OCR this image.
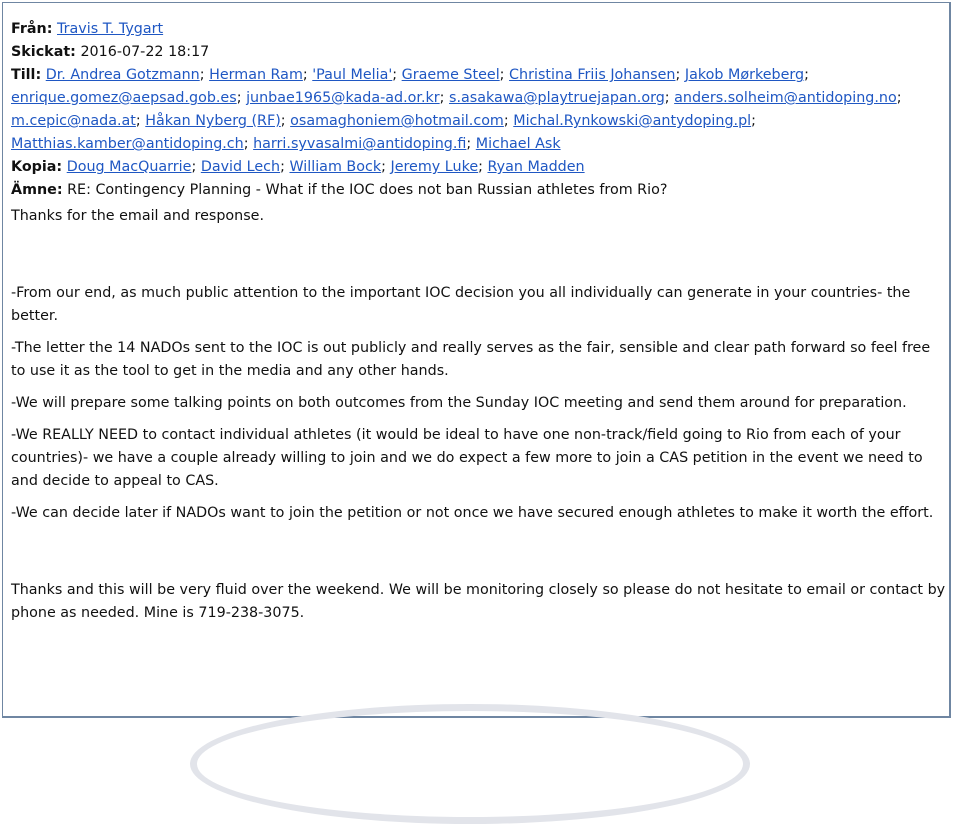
Från: Travis T. Tygart
Skickat: 2016-07-22 18:17
Till: Dr. Andrea Gotzmann; Herman Ram; 'Paul Melia'; Graeme Steel; Christina Friis Johansen; Jakob Mørkeberg;
enrique.gomez@aepsad.gob.es; junbae1965@kada-ad.or.kr; s.asakawa@playtruejapan.org; anders.solheim@antidoping.no;
m.cepic@nada.at; Håkan Nyberg (RF); osamaghoniem@hotmail.com; Michal.Rynkowski@antydoping.pl;
Matthias.kamber@antidoping.ch; harri.syvasalmi@antidoping.fi; Michael Ask
Kopia: Doug MacQuarrie; David Lech; William Bock; Jeremy Luke; Ryan Madden
Ämne: RE: Contingency Planning - What if the IOC does not ban Russian athletes from Rio?

Thanks for the email and response.

-From our end, as much public attention to the important IOC decision you all individually can generate in your countries- the better.

-The letter the 14 NADOs sent to the IOC is out publicly and really serves as the fair, sensible and clear path forward so feel free to use it as the tool to get in the media and any other hands.

-We will prepare some talking points on both outcomes from the Sunday IOC meeting and send them around for preparation.

-We REALLY NEED to contact individual athletes (it would be ideal to have one non-track/field going to Rio from each of your countries)- we have a couple already willing to join and we do expect a few more to join a CAS petition in the event we need to and decide to appeal to CAS.

-We can decide later if NADOs want to join the petition or not once we have secured enough athletes to make it worth the effort.

Thanks and this will be very fluid over the weekend. We will be monitoring closely so please do not hesitate to email or contact by phone as needed. Mine is 719-238-3075.
